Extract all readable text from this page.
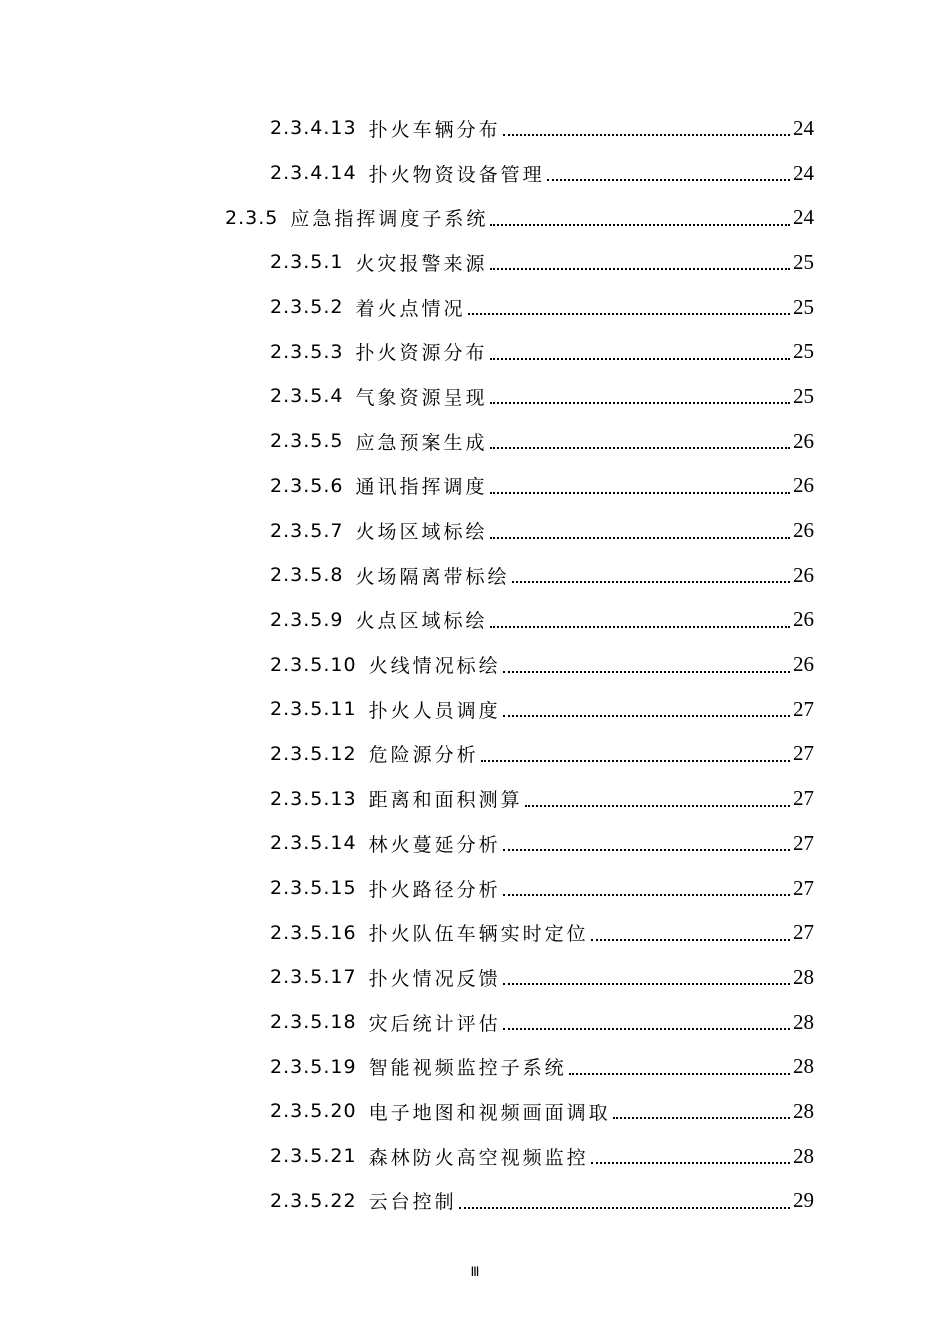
2.3.4.13 扑火车辆分布	24
2.3.4.14 扑火物资设备管理	24
2.3.5 应急指挥调度子系统	24
2.3.5.1 火灾报警来源	25
2.3.5.2 着火点情况	25
2.3.5.3 扑火资源分布	25
2.3.5.4 气象资源呈现	25
2.3.5.5 应急预案生成	26
2.3.5.6 通讯指挥调度	26
2.3.5.7 火场区域标绘	26
2.3.5.8 火场隔离带标绘	26
2.3.5.9 火点区域标绘	26
2.3.5.10 火线情况标绘	26
2.3.5.11 扑火人员调度	27
2.3.5.12 危险源分析	27
2.3.5.13 距离和面积测算	27
2.3.5.14 林火蔓延分析	27
2.3.5.15 扑火路径分析	27
2.3.5.16 扑火队伍车辆实时定位	27
2.3.5.17 扑火情况反馈	28
2.3.5.18 灾后统计评估	28
2.3.5.19 智能视频监控子系统	28
2.3.5.20 电子地图和视频画面调取	28
2.3.5.21 森林防火高空视频监控	28
2.3.5.22 云台控制	29
Ⅲ
